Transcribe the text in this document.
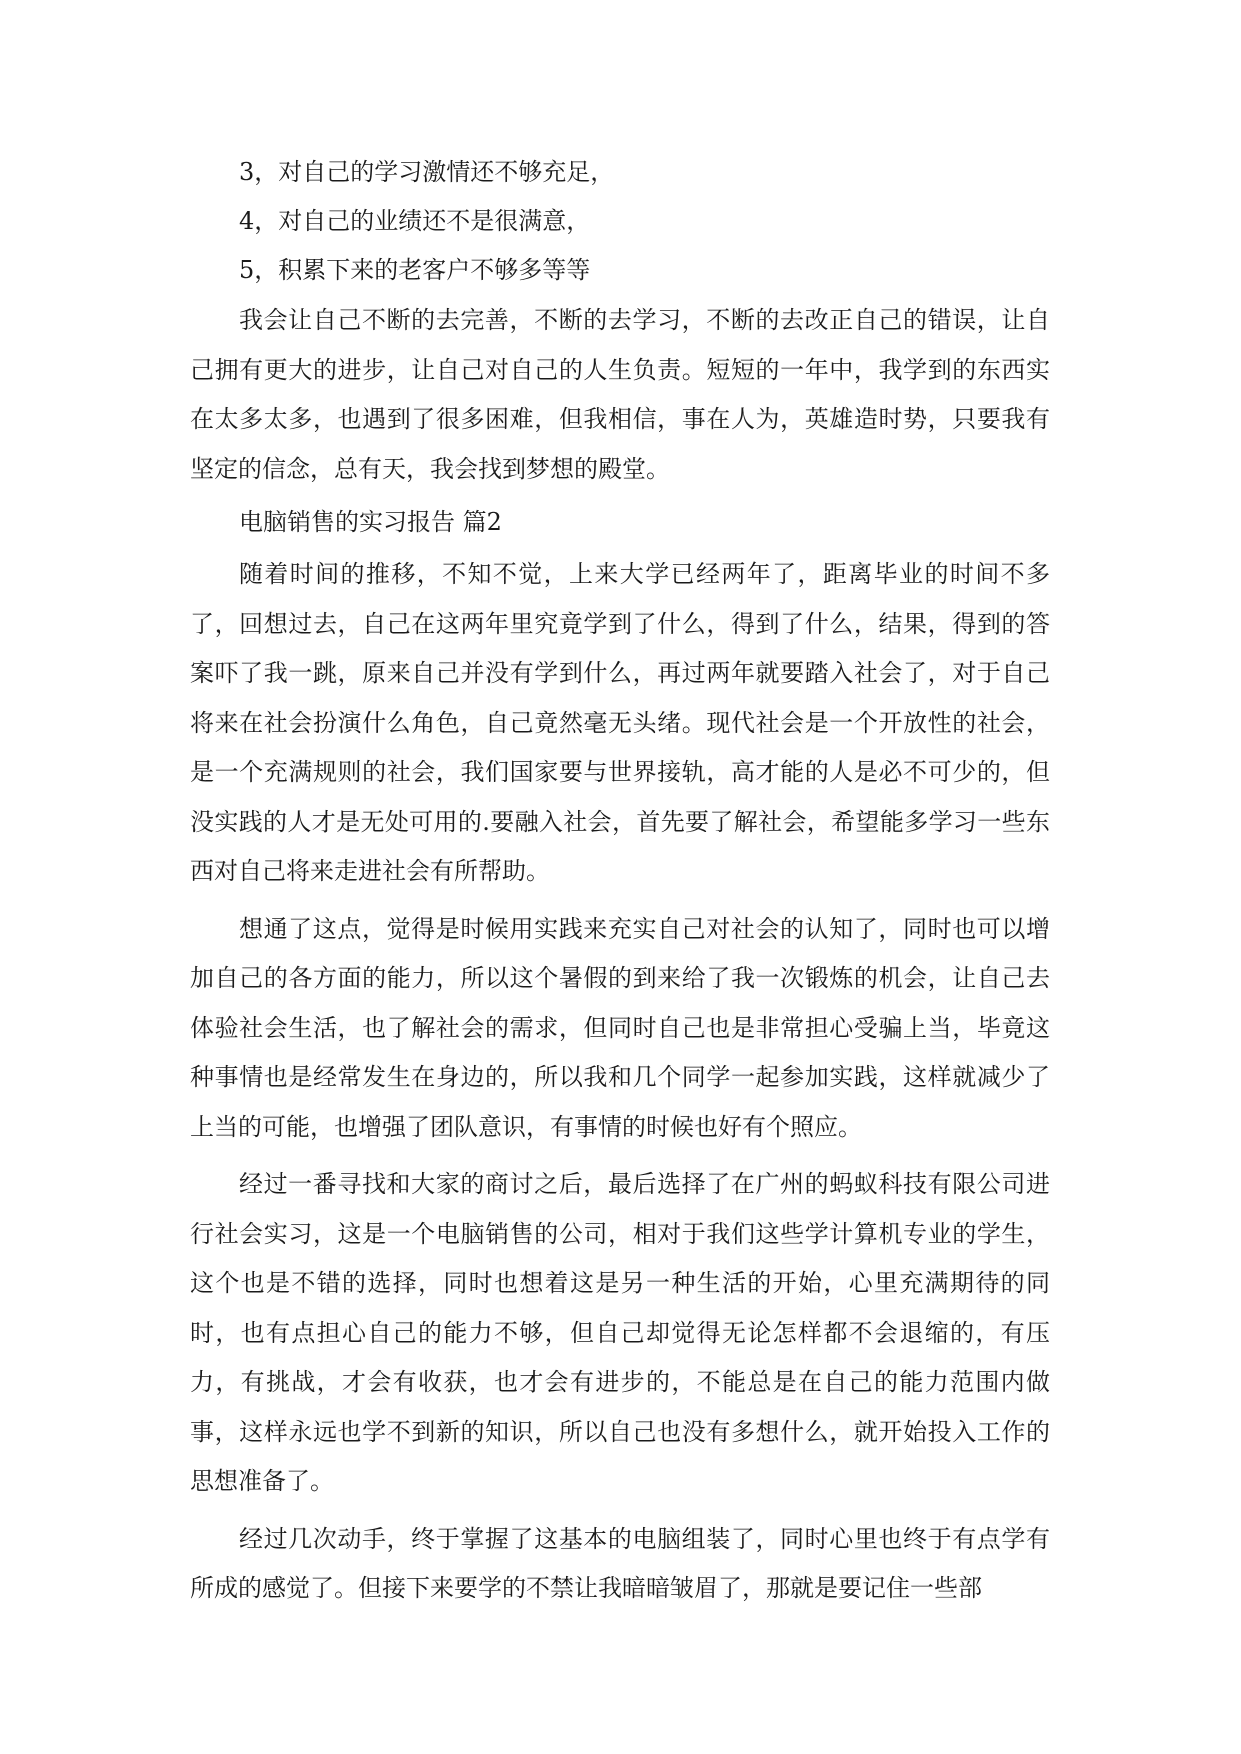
3，对自己的学习激情还不够充足，

4，对自己的业绩还不是很满意，

5，积累下来的老客户不够多等等

我会让自己不断的去完善，不断的去学习，不断的去改正自己的错误，让自己拥有更大的进步，让自己对自己的人生负责。短短的一年中，我学到的东西实在太多太多，也遇到了很多困难，但我相信，事在人为，英雄造时势，只要我有坚定的信念，总有天，我会找到梦想的殿堂。

电脑销售的实习报告 篇2

随着时间的推移，不知不觉，上来大学已经两年了，距离毕业的时间不多了，回想过去，自己在这两年里究竟学到了什么，得到了什么，结果，得到的答案吓了我一跳，原来自己并没有学到什么，再过两年就要踏入社会了，对于自己将来在社会扮演什么角色，自己竟然毫无头绪。现代社会是一个开放性的社会，是一个充满规则的社会，我们国家要与世界接轨，高才能的人是必不可少的，但没实践的人才是无处可用的.要融入社会，首先要了解社会，希望能多学习一些东西对自己将来走进社会有所帮助。

想通了这点，觉得是时候用实践来充实自己对社会的认知了，同时也可以增加自己的各方面的能力，所以这个暑假的到来给了我一次锻炼的机会，让自己去体验社会生活，也了解社会的需求，但同时自己也是非常担心受骗上当，毕竟这种事情也是经常发生在身边的，所以我和几个同学一起参加实践，这样就减少了上当的可能，也增强了团队意识，有事情的时候也好有个照应。

经过一番寻找和大家的商讨之后，最后选择了在广州的蚂蚁科技有限公司进行社会实习，这是一个电脑销售的公司，相对于我们这些学计算机专业的学生，这个也是不错的选择，同时也想着这是另一种生活的开始，心里充满期待的同时，也有点担心自己的能力不够，但自己却觉得无论怎样都不会退缩的，有压力，有挑战，才会有收获，也才会有进步的，不能总是在自己的能力范围内做事，这样永远也学不到新的知识，所以自己也没有多想什么，就开始投入工作的思想准备了。

经过几次动手，终于掌握了这基本的电脑组装了，同时心里也终于有点学有所成的感觉了。但接下来要学的不禁让我暗暗皱眉了，那就是要记住一些部
